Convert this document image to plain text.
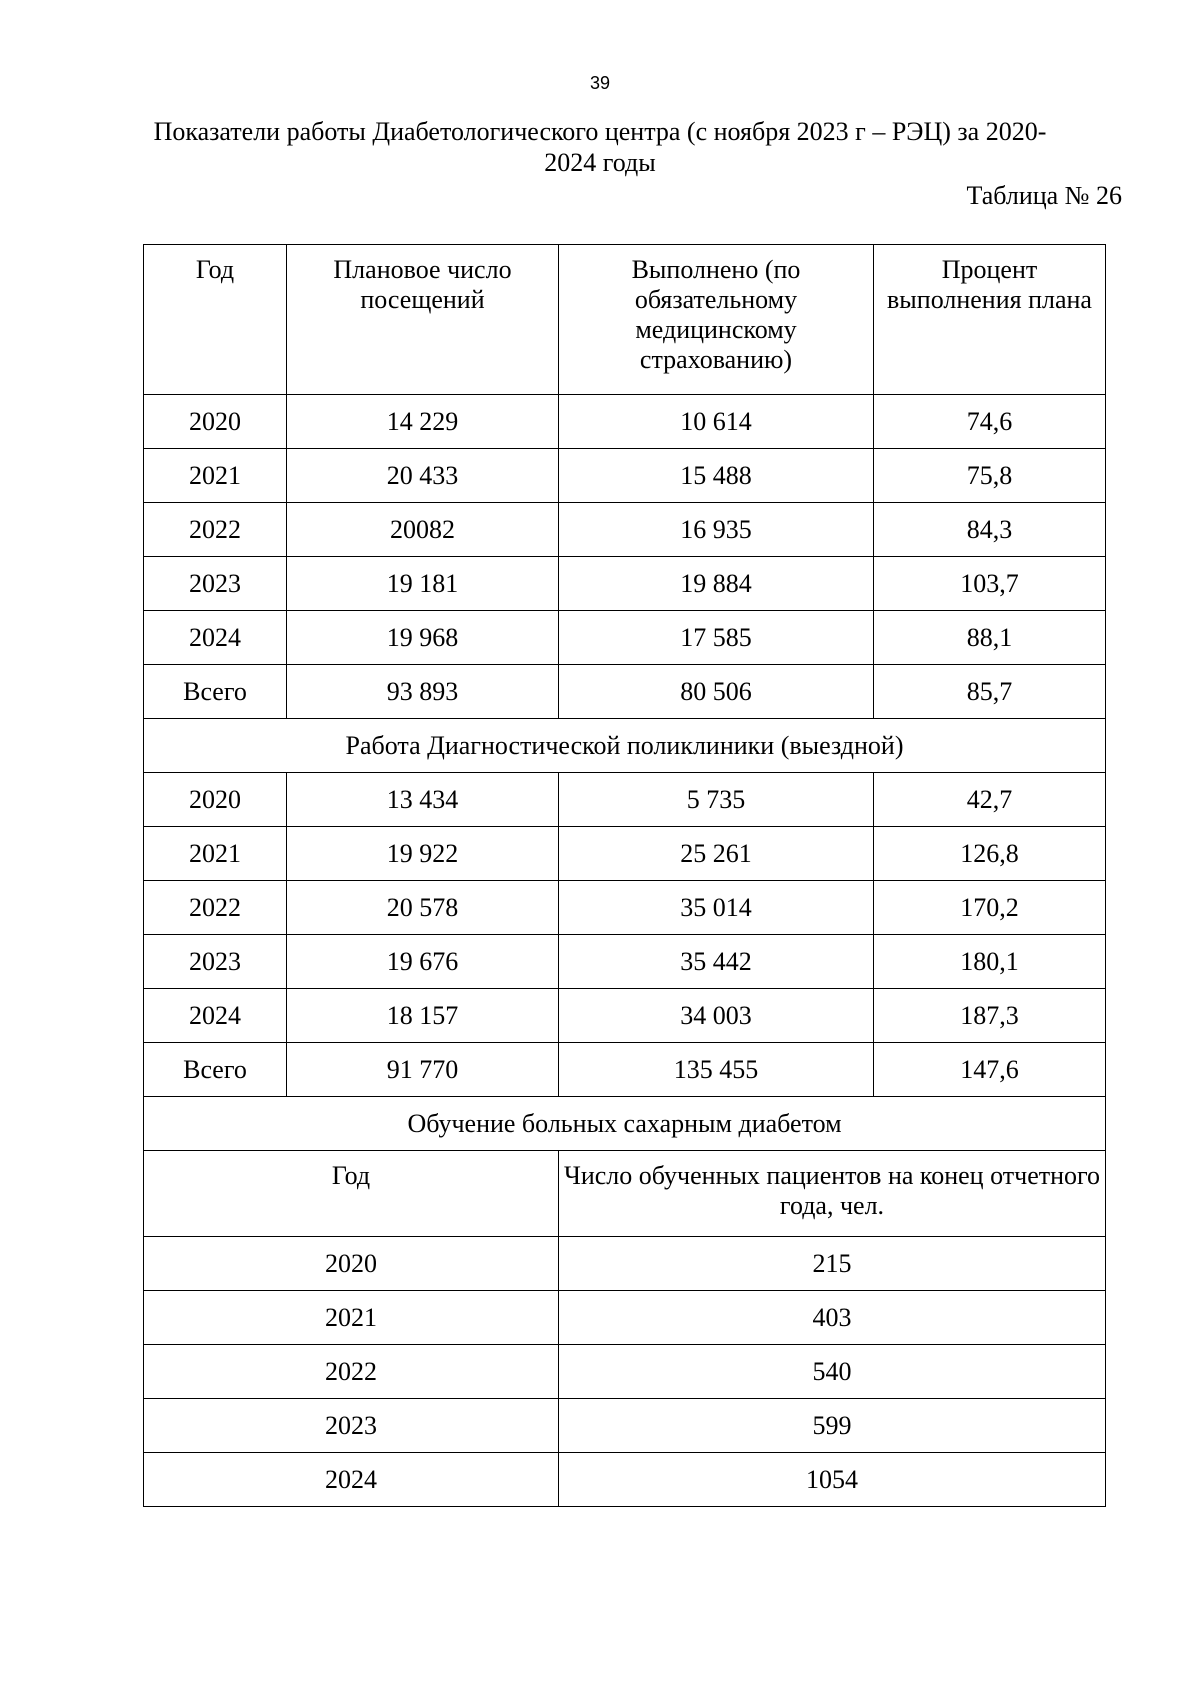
39
Показатели работы Диабетологического центра (с ноября 2023 г – РЭЦ) за 2020-2024 годы
Таблица № 26
Год	Плановое число посещений	Выполнено (по обязательному медицинскому страхованию)	Процент выполнения плана
2020	14 229	10 614	74,6
2021	20 433	15 488	75,8
2022	20082	16 935	84,3
2023	19 181	19 884	103,7
2024	19 968	17 585	88,1
Всего	93 893	80 506	85,7
Работа Диагностической поликлиники (выездной)			
2020	13 434	5 735	42,7
2021	19 922	25 261	126,8
2022	20 578	35 014	170,2
2023	19 676	35 442	180,1
2024	18 157	34 003	187,3
Всего	91 770	135 455	147,6
Обучение больных сахарным диабетом			
Год		Число обученных пациентов на конец отчетного года, чел.	
2020		215	
2021		403	
2022		540	
2023		599	
2024		1054	
